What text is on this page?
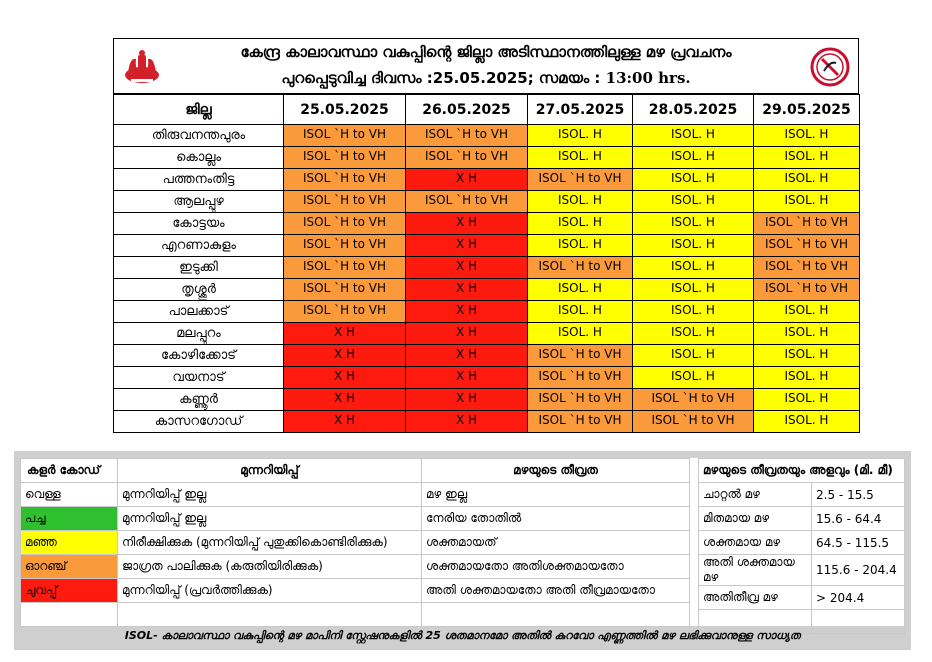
കേന്ദ്ര കാലാവസ്ഥാ വകുപ്പിന്റെ ജില്ലാ അടിസ്ഥാനത്തിലുള്ള മഴ പ്രവചനം
പുറപ്പെടുവിച്ച ദിവസം :25.05.2025; സമയം : 13:00 hrs.
ജില്ല	25.05.2025	26.05.2025	27.05.2025	28.05.2025	29.05.2025
തിരുവനന്തപുരം	ISOL `H to VH	ISOL `H to VH	ISOL. H	ISOL. H	ISOL. H
കൊല്ലം	ISOL `H to VH	ISOL `H to VH	ISOL. H	ISOL. H	ISOL. H
പത്തനംതിട്ട	ISOL `H to VH	X H	ISOL `H to VH	ISOL. H	ISOL. H
ആലപ്പുഴ	ISOL `H to VH	ISOL `H to VH	ISOL. H	ISOL. H	ISOL. H
കോട്ടയം	ISOL `H to VH	X H	ISOL. H	ISOL. H	ISOL `H to VH
എറണാകുളം	ISOL `H to VH	X H	ISOL. H	ISOL. H	ISOL `H to VH
ഇടുക്കി	ISOL `H to VH	X H	ISOL `H to VH	ISOL. H	ISOL `H to VH
തൃശ്ശൂർ	ISOL `H to VH	X H	ISOL. H	ISOL. H	ISOL `H to VH
പാലക്കാട്	ISOL `H to VH	X H	ISOL. H	ISOL. H	ISOL. H
മലപ്പുറം	X H	X H	ISOL. H	ISOL. H	ISOL. H
കോഴിക്കോട്	X H	X H	ISOL `H to VH	ISOL. H	ISOL. H
വയനാട്	X H	X H	ISOL `H to VH	ISOL. H	ISOL. H
കണ്ണൂർ	X H	X H	ISOL `H to VH	ISOL `H to VH	ISOL. H
കാസറഗോഡ്	X H	X H	ISOL `H to VH	ISOL `H to VH	ISOL. H
കളർ കോഡ്	മുന്നറിയിപ്പ്	മഴയുടെ തീവ്രത
വെള്ള	മുന്നറിയിപ്പ് ഇല്ല	മഴ ഇല്ല
പച്ച	മുന്നറിയിപ്പ് ഇല്ല	നേരിയ തോതിൽ
മഞ്ഞ	നിരീക്ഷിക്കുക (മുന്നറിയിപ്പ് പുതുക്കികൊണ്ടിരിക്കുക)	ശക്തമായത്
ഓറഞ്ച്	ജാഗ്രത പാലിക്കുക (കരുതിയിരിക്കുക)	ശക്തമായതോ അതിശക്തമായതോ
ചുവപ്പ്	മുന്നറിയിപ്പ് (പ്രവർത്തിക്കുക)	അതി ശക്തമായതോ അതി തീവ്രമായതോ

മഴയുടെ തീവ്രതയും അളവും (മി. മീ)	
ചാറ്റൽ മഴ	2.5 - 15.5
മിതമായ മഴ	15.6 - 64.4
ശക്തമായ മഴ	64.5 - 115.5
അതി ശക്തമായ മഴ	115.6 - 204.4
അതിതീവ്ര മഴ	> 204.4

ISOL- കാലാവസ്ഥാ വകുപ്പിന്റെ മഴ മാപിനി സ്റ്റേഷനുകളിൽ 25 ശതമാനമോ അതിൽ കുറവോ എണ്ണത്തിൽ മഴ ലഭിക്കുവാനുള്ള സാധ്യത
